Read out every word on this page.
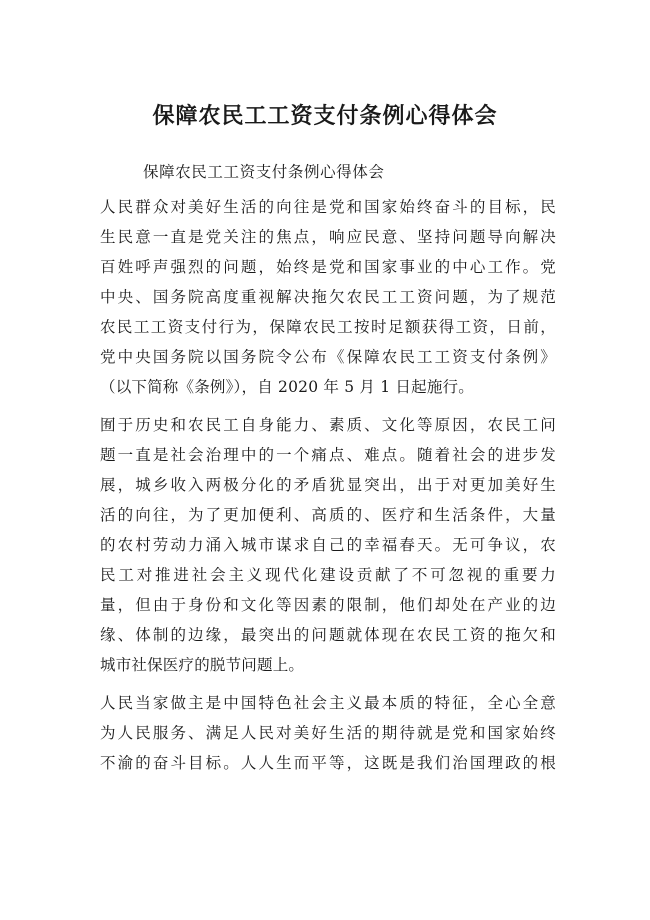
保障农民工工资支付条例心得体会
保障农民工工资支付条例心得体会

人民群众对美好生活的向往是党和国家始终奋斗的目标，民
生民意一直是党关注的焦点，响应民意、坚持问题导向解决
百姓呼声强烈的问题，始终是党和国家事业的中心工作。党
中央、国务院高度重视解决拖欠农民工工资问题，为了规范
农民工工资支付行为，保障农民工按时足额获得工资，日前，
党中央国务院以国务院令公布《保障农民工工资支付条例》
（以下简称《条例》），自 2020 年 5 月 1 日起施行。

囿于历史和农民工自身能力、素质、文化等原因，农民工问
题一直是社会治理中的一个痛点、难点。随着社会的进步发
展，城乡收入两极分化的矛盾犹显突出，出于对更加美好生
活的向往，为了更加便利、高质的、医疗和生活条件，大量
的农村劳动力涌入城市谋求自己的幸福春天。无可争议，农
民工对推进社会主义现代化建设贡献了不可忽视的重要力
量，但由于身份和文化等因素的限制，他们却处在产业的边
缘、体制的边缘，最突出的问题就体现在农民工资的拖欠和
城市社保医疗的脱节问题上。

人民当家做主是中国特色社会主义最本质的特征，全心全意
为人民服务、满足人民对美好生活的期待就是党和国家始终
不渝的奋斗目标。人人生而平等，这既是我们治国理政的根
